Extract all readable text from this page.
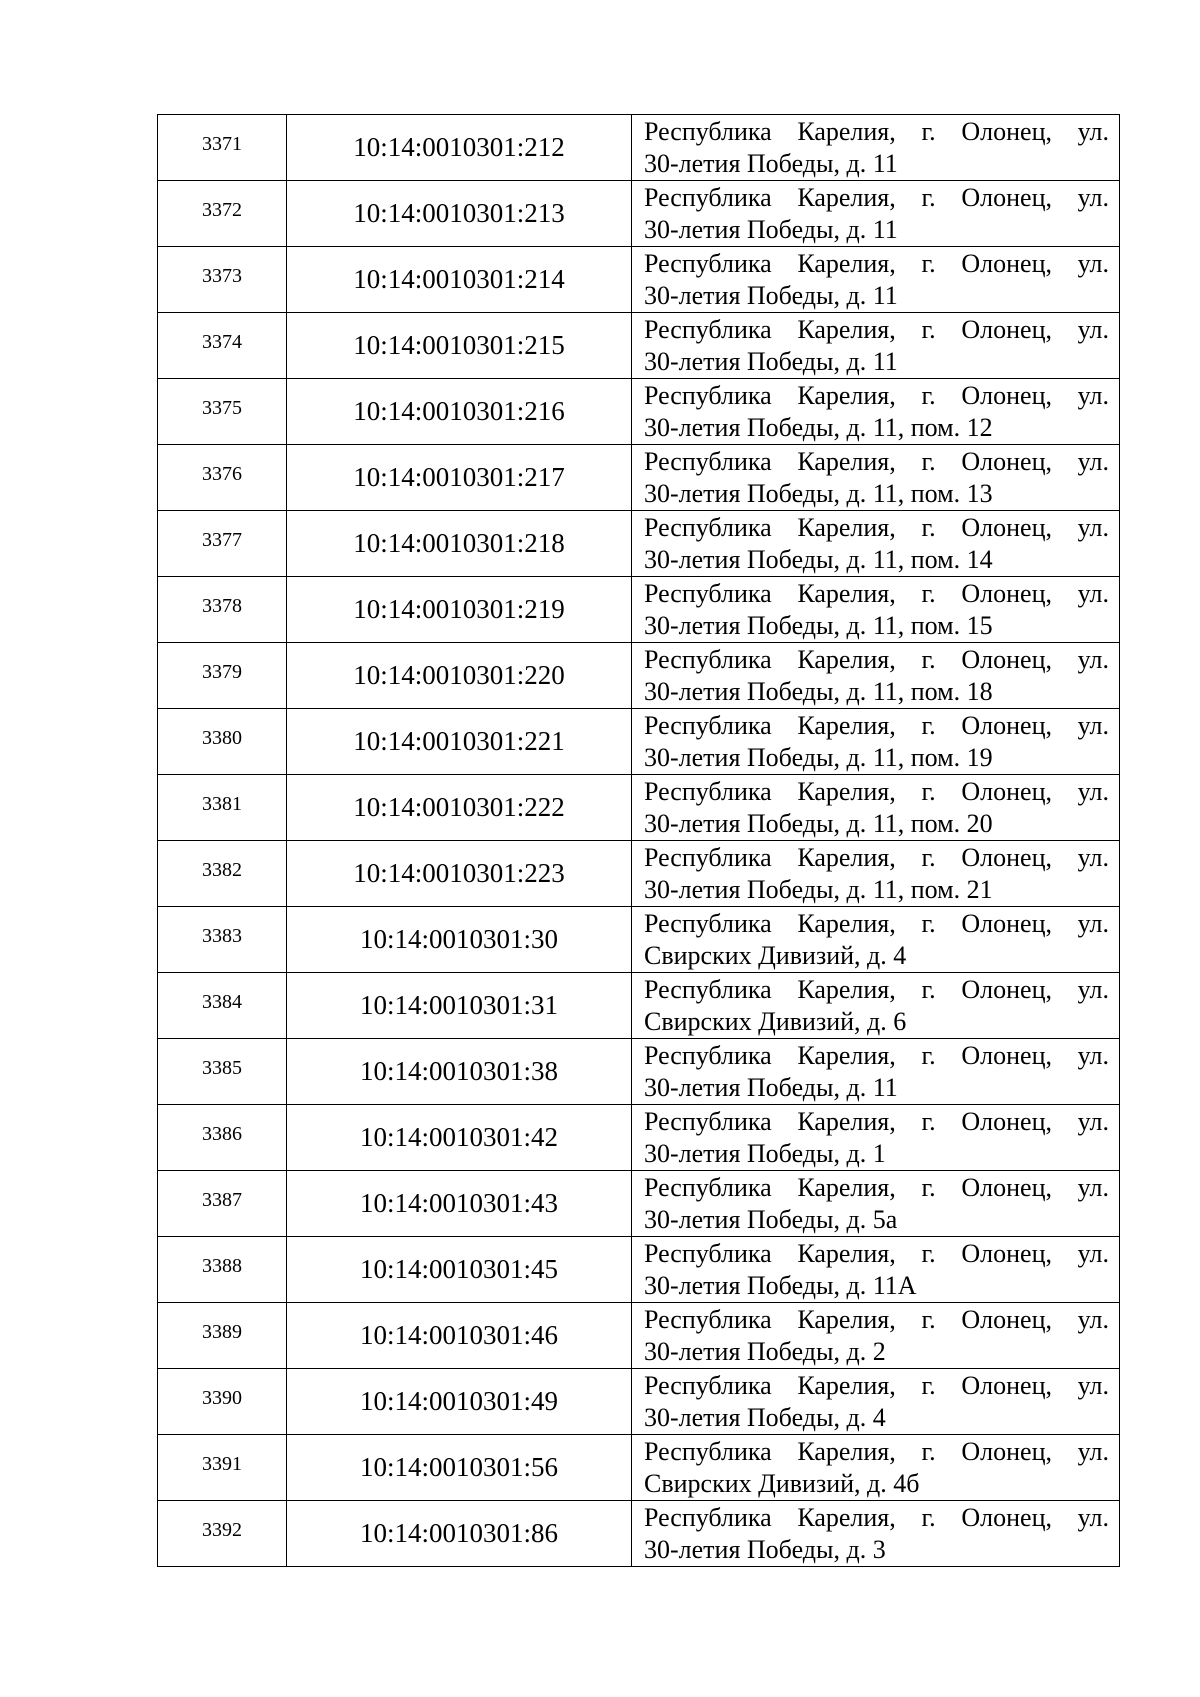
3371	10:14:0010301:212	Республика Карелия, г. Олонец, ул.
30-летия Победы, д. 11

3372	10:14:0010301:213	Республика Карелия, г. Олонец, ул.
30-летия Победы, д. 11

3373	10:14:0010301:214	Республика Карелия, г. Олонец, ул.
30-летия Победы, д. 11

3374	10:14:0010301:215	Республика Карелия, г. Олонец, ул.
30-летия Победы, д. 11

3375	10:14:0010301:216	Республика Карелия, г. Олонец, ул.
30-летия Победы, д. 11, пом. 12

3376	10:14:0010301:217	Республика Карелия, г. Олонец, ул.
30-летия Победы, д. 11, пом. 13

3377	10:14:0010301:218	Республика Карелия, г. Олонец, ул.
30-летия Победы, д. 11, пом. 14

3378	10:14:0010301:219	Республика Карелия, г. Олонец, ул.
30-летия Победы, д. 11, пом. 15

3379	10:14:0010301:220	Республика Карелия, г. Олонец, ул.
30-летия Победы, д. 11, пом. 18

3380	10:14:0010301:221	Республика Карелия, г. Олонец, ул.
30-летия Победы, д. 11, пом. 19

3381	10:14:0010301:222	Республика Карелия, г. Олонец, ул.
30-летия Победы, д. 11, пом. 20

3382	10:14:0010301:223	Республика Карелия, г. Олонец, ул.
30-летия Победы, д. 11, пом. 21

3383	10:14:0010301:30	Республика Карелия, г. Олонец, ул.
Свирских Дивизий, д. 4

3384	10:14:0010301:31	Республика Карелия, г. Олонец, ул.
Свирских Дивизий, д. 6

3385	10:14:0010301:38	Республика Карелия, г. Олонец, ул.
30-летия Победы, д. 11

3386	10:14:0010301:42	Республика Карелия, г. Олонец, ул.
30-летия Победы, д. 1

3387	10:14:0010301:43	Республика Карелия, г. Олонец, ул.
30-летия Победы, д. 5а

3388	10:14:0010301:45	Республика Карелия, г. Олонец, ул.
30-летия Победы, д. 11А

3389	10:14:0010301:46	Республика Карелия, г. Олонец, ул.
30-летия Победы, д. 2

3390	10:14:0010301:49	Республика Карелия, г. Олонец, ул.
30-летия Победы, д. 4

3391	10:14:0010301:56	Республика Карелия, г. Олонец, ул.
Свирских Дивизий, д. 4б

3392	10:14:0010301:86	Республика Карелия, г. Олонец, ул.
30-летия Победы, д. 3
